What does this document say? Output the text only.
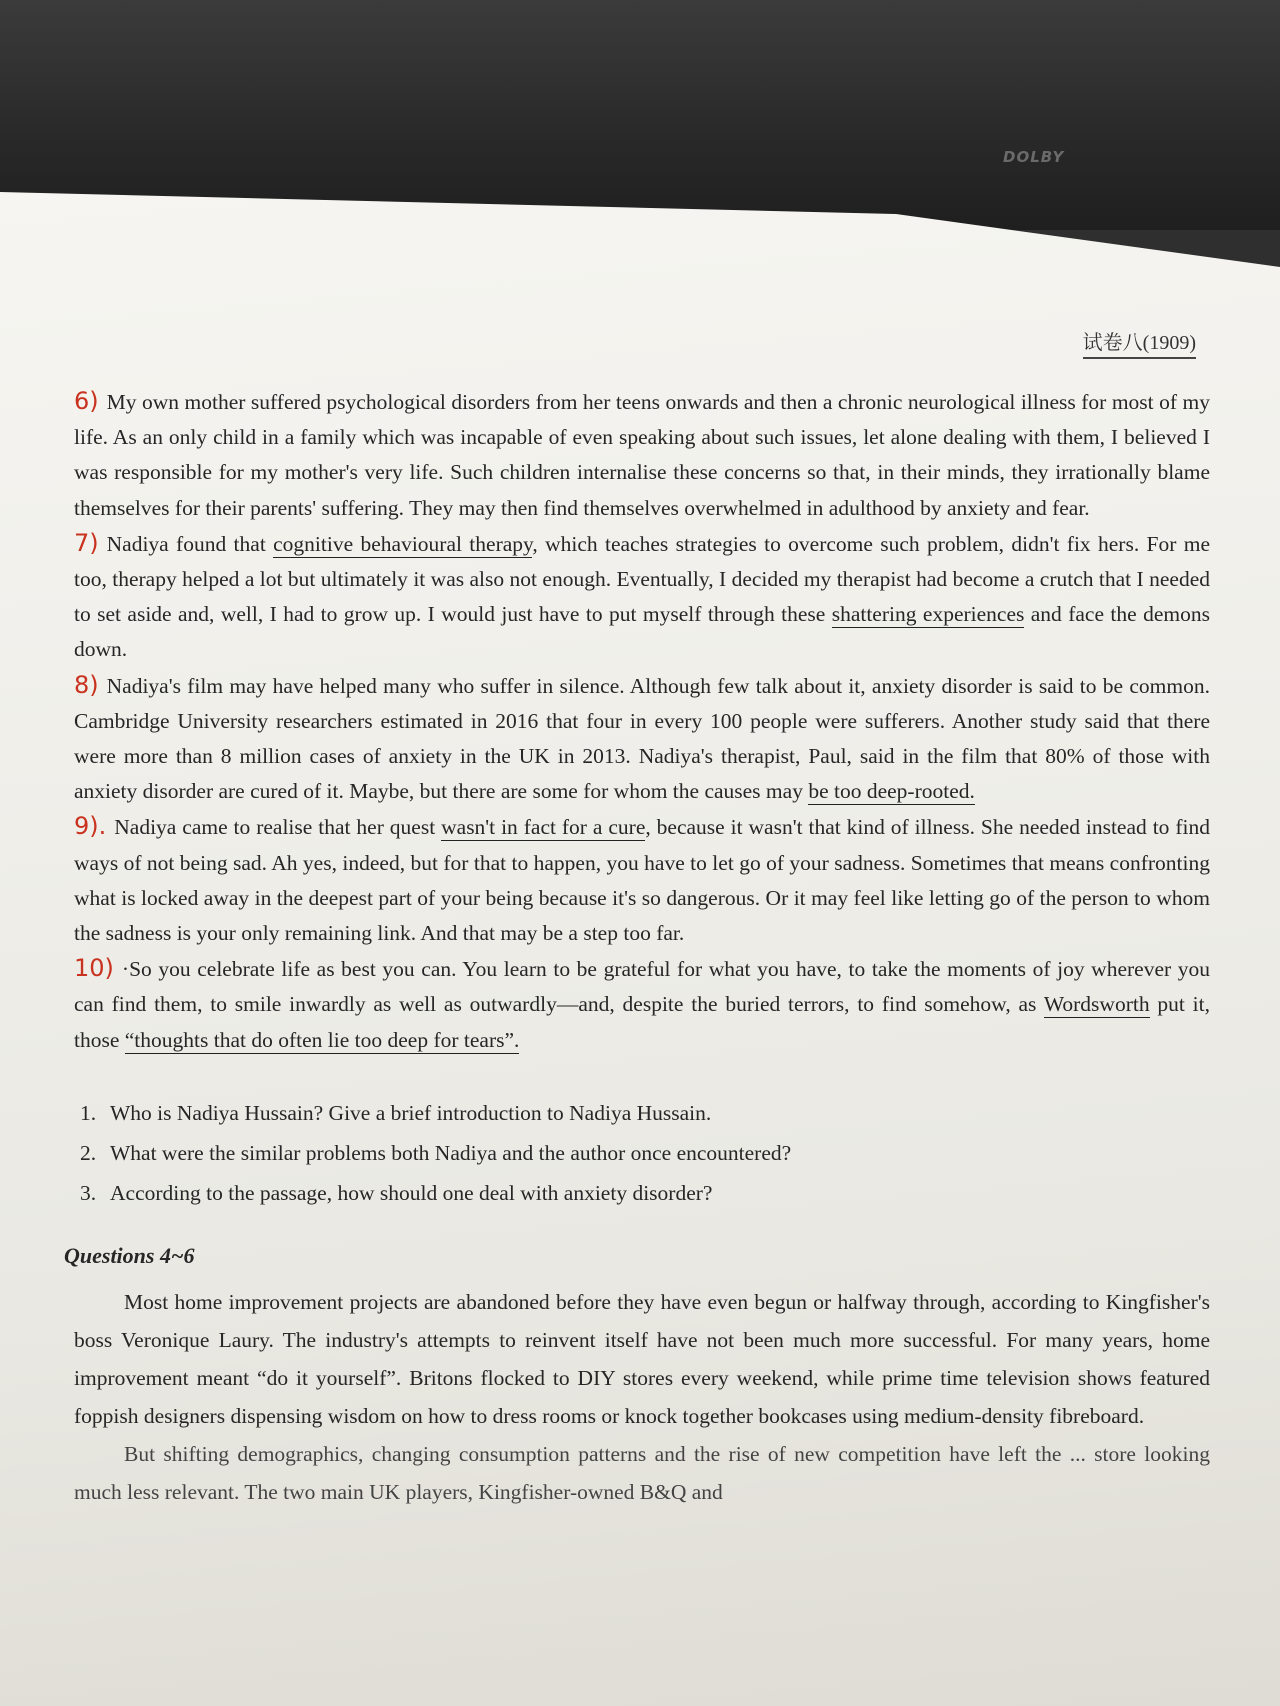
DOLBY
试卷八(1909)

6) My own mother suffered psychological disorders from her teens onwards and then a chronic neurological illness for most of my life. As an only child in a family which was incapable of even speaking about such issues, let alone dealing with them, I believed I was responsible for my mother's very life. Such children internalise these concerns so that, in their minds, they irrationally blame themselves for their parents' suffering. They may then find themselves overwhelmed in adulthood by anxiety and fear.

7) Nadiya found that cognitive behavioural therapy, which teaches strategies to overcome such problem, didn't fix hers. For me too, therapy helped a lot but ultimately it was also not enough. Eventually, I decided my therapist had become a crutch that I needed to set aside and, well, I had to grow up. I would just have to put myself through these shattering experiences and face the demons down.

8) Nadiya's film may have helped many who suffer in silence. Although few talk about it, anxiety disorder is said to be common. Cambridge University researchers estimated in 2016 that four in every 100 people were sufferers. Another study said that there were more than 8 million cases of anxiety in the UK in 2013. Nadiya's therapist, Paul, said in the film that 80% of those with anxiety disorder are cured of it. Maybe, but there are some for whom the causes may be too deep-rooted.

9). Nadiya came to realise that her quest wasn't in fact for a cure, because it wasn't that kind of illness. She needed instead to find ways of not being sad. Ah yes, indeed, but for that to happen, you have to let go of your sadness. Sometimes that means confronting what is locked away in the deepest part of your being because it's so dangerous. Or it may feel like letting go of the person to whom the sadness is your only remaining link. And that may be a step too far.

10) ·So you celebrate life as best you can. You learn to be grateful for what you have, to take the moments of joy wherever you can find them, to smile inwardly as well as outwardly—and, despite the buried terrors, to find somehow, as Wordsworth put it, those “thoughts that do often lie too deep for tears”.

1. Who is Nadiya Hussain? Give a brief introduction to Nadiya Hussain.
2. What were the similar problems both Nadiya and the author once encountered?
3. According to the passage, how should one deal with anxiety disorder?
Questions 4~6

Most home improvement projects are abandoned before they have even begun or halfway through, according to Kingfisher's boss Veronique Laury. The industry's attempts to reinvent itself have not been much more successful. For many years, home improvement meant “do it yourself”. Britons flocked to DIY stores every weekend, while prime time television shows featured foppish designers dispensing wisdom on how to dress rooms or knock together bookcases using medium-density fibreboard.

But shifting demographics, changing consumption patterns and the rise of new competition have left the ... store looking much less relevant. The two main UK players, Kingfisher-owned B&Q and
